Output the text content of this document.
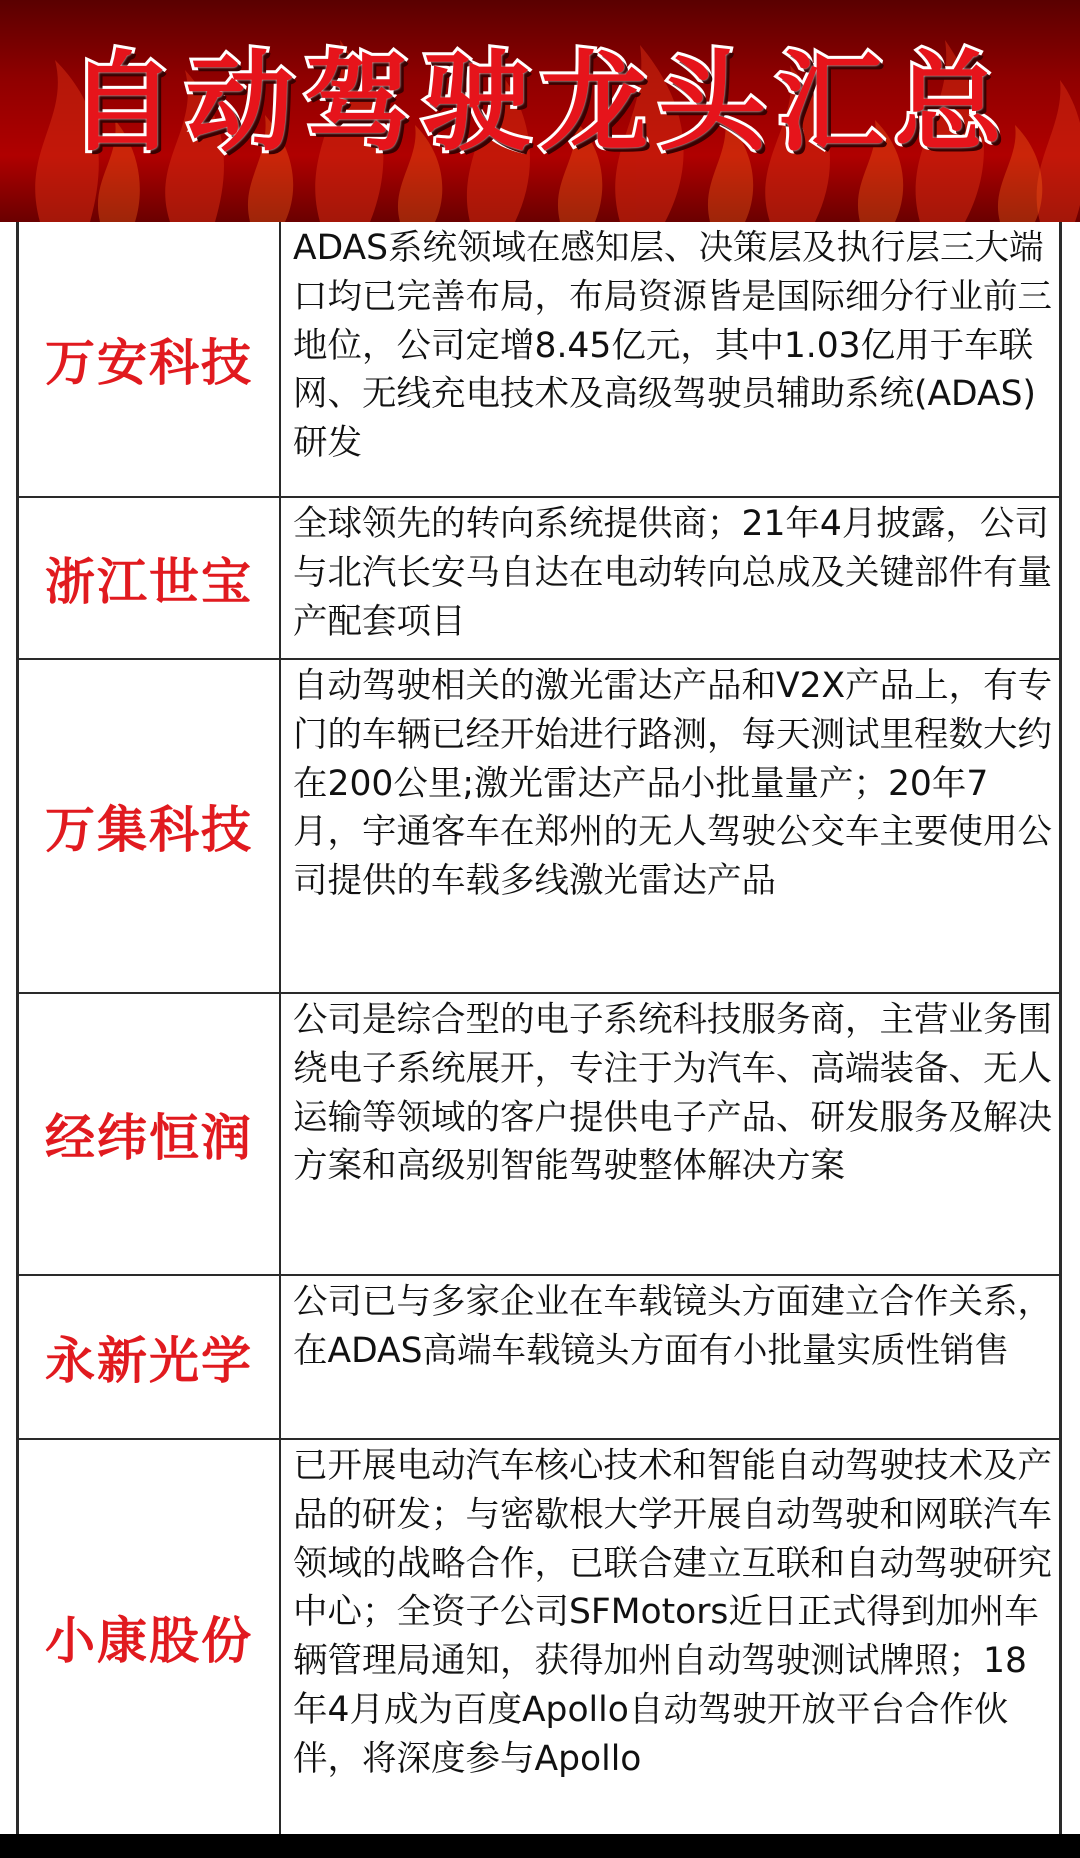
自动驾驶龙头汇总
万安科技
ADAS系统领域在感知层、决策层及执行层三大端口均已完善布局，布局资源皆是国际细分行业前三地位，公司定增8.45亿元，其中1.03亿用于车联网、无线充电技术及高级驾驶员辅助系统(ADAS)研发
浙江世宝
全球领先的转向系统提供商；21年4月披露，公司与北汽长安马自达在电动转向总成及关键部件有量产配套项目
万集科技
自动驾驶相关的激光雷达产品和V2X产品上，有专门的车辆已经开始进行路测，每天测试里程数大约在200公里;激光雷达产品小批量量产；20年7月，宇通客车在郑州的无人驾驶公交车主要使用公司提供的车载多线激光雷达产品
经纬恒润
公司是综合型的电子系统科技服务商，主营业务围绕电子系统展开，专注于为汽车、高端装备、无人运输等领域的客户提供电子产品、研发服务及解决方案和高级别智能驾驶整体解决方案
永新光学
公司已与多家企业在车载镜头方面建立合作关系，在ADAS高端车载镜头方面有小批量实质性销售
小康股份
已开展电动汽车核心技术和智能自动驾驶技术及产品的研发；与密歇根大学开展自动驾驶和网联汽车领域的战略合作，已联合建立互联和自动驾驶研究中心；全资子公司SFMotors近日正式得到加州车辆管理局通知，获得加州自动驾驶测试牌照；18年4月成为百度Apollo自动驾驶开放平台合作伙伴，将深度参与Apollo
